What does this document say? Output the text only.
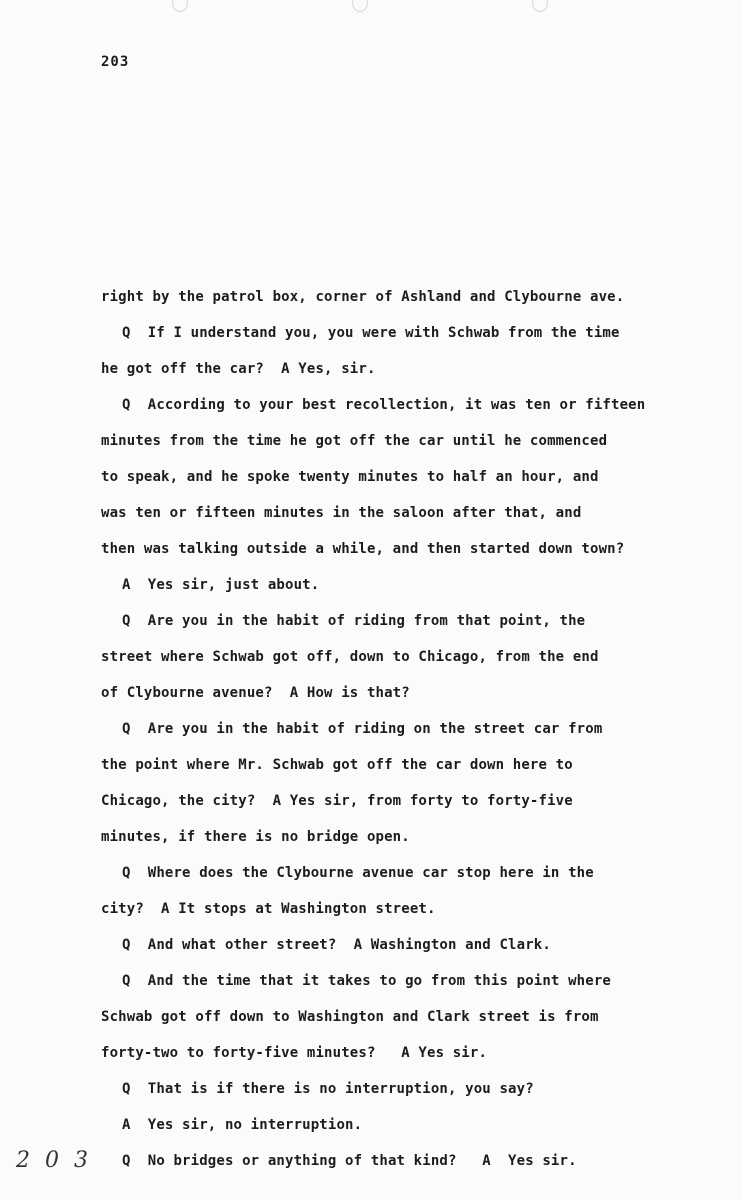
203
right by the patrol box, corner of Ashland and Clybourne ave.
Q  If I understand you, you were with Schwab from the time
he got off the car?  A Yes, sir.
Q  According to your best recollection, it was ten or fifteen
minutes from the time he got off the car until he commenced
to speak, and he spoke twenty minutes to half an hour, and
was ten or fifteen minutes in the saloon after that, and
then was talking outside a while, and then started down town?
A  Yes sir, just about.
Q  Are you in the habit of riding from that point, the
street where Schwab got off, down to Chicago, from the end
of Clybourne avenue?  A How is that?
Q  Are you in the habit of riding on the street car from
the point where Mr. Schwab got off the car down here to
Chicago, the city?  A Yes sir, from forty to forty-five
minutes, if there is no bridge open.
Q  Where does the Clybourne avenue car stop here in the
city?  A It stops at Washington street.
Q  And what other street?  A Washington and Clark.
Q  And the time that it takes to go from this point where
Schwab got off down to Washington and Clark street is from
forty-two to forty-five minutes?   A Yes sir.
Q  That is if there is no interruption, you say?
A  Yes sir, no interruption.
Q  No bridges or anything of that kind?   A  Yes sir.
2 0 3
